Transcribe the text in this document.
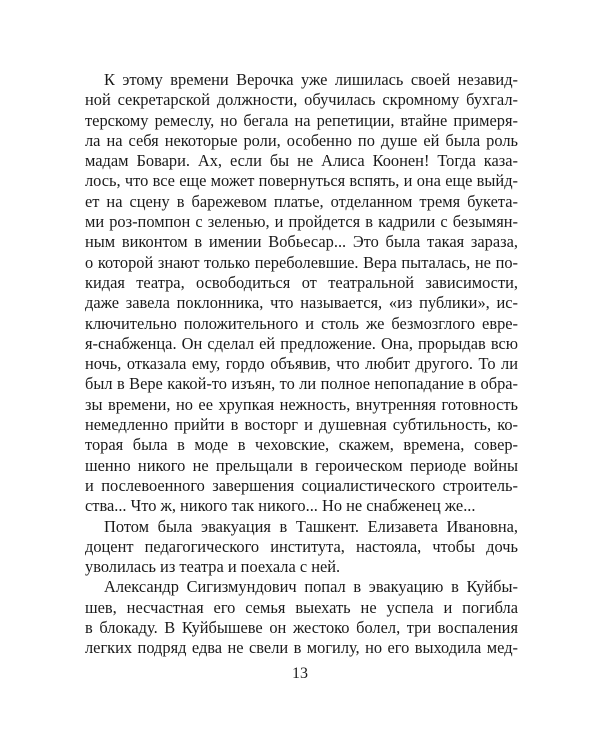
К этому времени Верочка уже лишилась своей незавид-
ной секретарской должности, обучилась скромному бухгал-
терскому ремеслу, но бегала на репетиции, втайне примеря-
ла на себя некоторые роли, особенно по душе ей была роль
мадам Бовари. Ах, если бы не Алиса Коонен! Тогда каза-
лось, что все еще может повернуться вспять, и она еще выйд-
ет на сцену в барежевом платье, отделанном тремя букета-
ми роз-помпон с зеленью, и пройдется в кадрили с безымян-
ным виконтом в имении Вобьесар... Это была такая зараза,
о которой знают только переболевшие. Вера пыталась, не по-
кидая театра, освободиться от театральной зависимости,
даже завела поклонника, что называется, «из публики», ис-
ключительно положительного и столь же безмозглого евре-
я-снабженца. Он сделал ей предложение. Она, прорыдав всю
ночь, отказала ему, гордо объявив, что любит другого. То ли
был в Вере какой-то изъян, то ли полное непопадание в обра-
зы времени, но ее хрупкая нежность, внутренняя готовность
немедленно прийти в восторг и душевная субтильность, ко-
торая была в моде в чеховские, скажем, времена, совер-
шенно никого не прельщали в героическом периоде войны
и послевоенного завершения социалистического строитель-
ства... Что ж, никого так никого... Но не снабженец же...
Потом была эвакуация в Ташкент. Елизавета Ивановна,
доцент педагогического института, настояла, чтобы дочь
уволилась из театра и поехала с ней.
Александр Сигизмундович попал в эвакуацию в Куйбы-
шев, несчастная его семья выехать не успела и погибла
в блокаду. В Куйбышеве он жестоко болел, три воспаления
легких подряд едва не свели в могилу, но его выходила мед-
13
